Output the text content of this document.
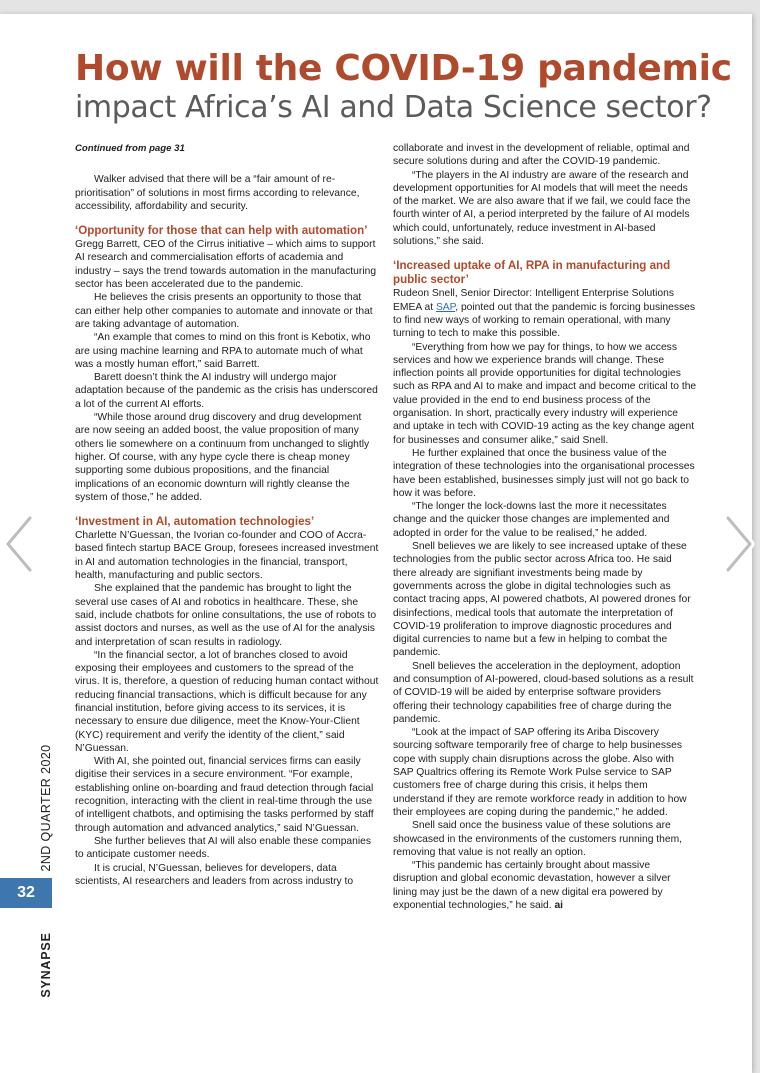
How will the COVID-19 pandemic
impact Africa’s AI and Data Science sector?

Continued from page 31

Walker advised that there will be a “fair amount of re-prioritisation” of solutions in most firms according to relevance, accessibility, affordability and security.

‘Opportunity for those that can help with automation’

Gregg Barrett, CEO of the Cirrus initiative – which aims to support AI research and commercialisation efforts of academia and industry – says the trend towards automation in the manufacturing sector has been accelerated due to the pandemic.

He believes the crisis presents an opportunity to those that can either help other companies to automate and innovate or that are taking advantage of automation.

“An example that comes to mind on this front is Kebotix, who are using machine learning and RPA to automate much of what was a mostly human effort,” said Barrett.

Barett doesn’t think the AI industry will undergo major adaptation because of the pandemic as the crisis has underscored a lot of the current AI efforts.

“While those around drug discovery and drug development are now seeing an added boost, the value proposition of many others lie somewhere on a continuum from unchanged to slightly higher. Of course, with any hype cycle there is cheap money supporting some dubious propositions, and the financial implications of an economic downturn will rightly cleanse the system of those,” he added.

‘Investment in AI, automation technologies’

Charlette N’Guessan, the Ivorian co-founder and COO of Accra-based fintech startup BACE Group, foresees increased investment in AI and automation technologies in the financial, transport, health, manufacturing and public sectors.

She explained that the pandemic has brought to light the several use cases of AI and robotics in healthcare. These, she said, include chatbots for online consultations, the use of robots to assist doctors and nurses, as well as the use of AI for the analysis and interpretation of scan results in radiology.

“In the financial sector, a lot of branches closed to avoid exposing their employees and customers to the spread of the virus. It is, therefore, a question of reducing human contact without reducing financial transactions, which is difficult because for any financial institution, before giving access to its services, it is necessary to ensure due diligence, meet the Know-Your-Client (KYC) requirement and verify the identity of the client,” said N’Guessan.

With AI, she pointed out, financial services firms can easily digitise their services in a secure environment. “For example, establishing online on-boarding and fraud detection through facial recognition, interacting with the client in real-time through the use of intelligent chatbots, and optimising the tasks performed by staff through automation and advanced analytics,” said N’Guessan.

She further believes that AI will also enable these companies to anticipate customer needs.

It is crucial, N’Guessan, believes for developers, data scientists, AI researchers and leaders from across industry to

collaborate and invest in the development of reliable, optimal and secure solutions during and after the COVID-19 pandemic.

“The players in the AI industry are aware of the research and development opportunities for AI models that will meet the needs of the market. We are also aware that if we fail, we could face the fourth winter of AI, a period interpreted by the failure of AI models which could, unfortunately, reduce investment in AI-based solutions,” she said.

‘Increased uptake of AI, RPA in manufacturing and public sector’

Rudeon Snell, Senior Director: Intelligent Enterprise Solutions EMEA at SAP, pointed out that the pandemic is forcing businesses to find new ways of working to remain operational, with many turning to tech to make this possible.

“Everything from how we pay for things, to how we access services and how we experience brands will change. These inflection points all provide opportunities for digital technologies such as RPA and AI to make and impact and become critical to the value provided in the end to end business process of the organisation. In short, practically every industry will experience and uptake in tech with COVID-19 acting as the key change agent for businesses and consumer alike,” said Snell.

He further explained that once the business value of the integration of these technologies into the organisational processes have been established, businesses simply just will not go back to how it was before.

“The longer the lock-downs last the more it necessitates change and the quicker those changes are implemented and adopted in order for the value to be realised,” he added.

Snell believes we are likely to see increased uptake of these technologies from the public sector across Africa too. He said there already are signifiant investments being made by governments across the globe in digital technologies such as contact tracing apps, AI powered chatbots, AI powered drones for disinfections, medical tools that automate the interpretation of COVID-19 proliferation to improve diagnostic procedures and digital currencies to name but a few in helping to combat the pandemic.

Snell believes the acceleration in the deployment, adoption and consumption of AI-powered, cloud-based solutions as a result of COVID-19 will be aided by enterprise software providers offering their technology capabilities free of charge during the pandemic.

“Look at the impact of SAP offering its Ariba Discovery sourcing software temporarily free of charge to help businesses cope with supply chain disruptions across the globe. Also with SAP Qualtrics offering its Remote Work Pulse service to SAP customers free of charge during this crisis, it helps them understand if they are remote workforce ready in addition to how their employees are coping during the pandemic,” he added.

Snell said once the business value of these solutions are showcased in the environments of the customers running them, removing that value is not really an option.

“This pandemic has certainly brought about massive disruption and global economic devastation, however a silver lining may just be the dawn of a new digital era powered by exponential technologies,” he said. ai

2ND QUARTER 2020
32
SYNAPSE
